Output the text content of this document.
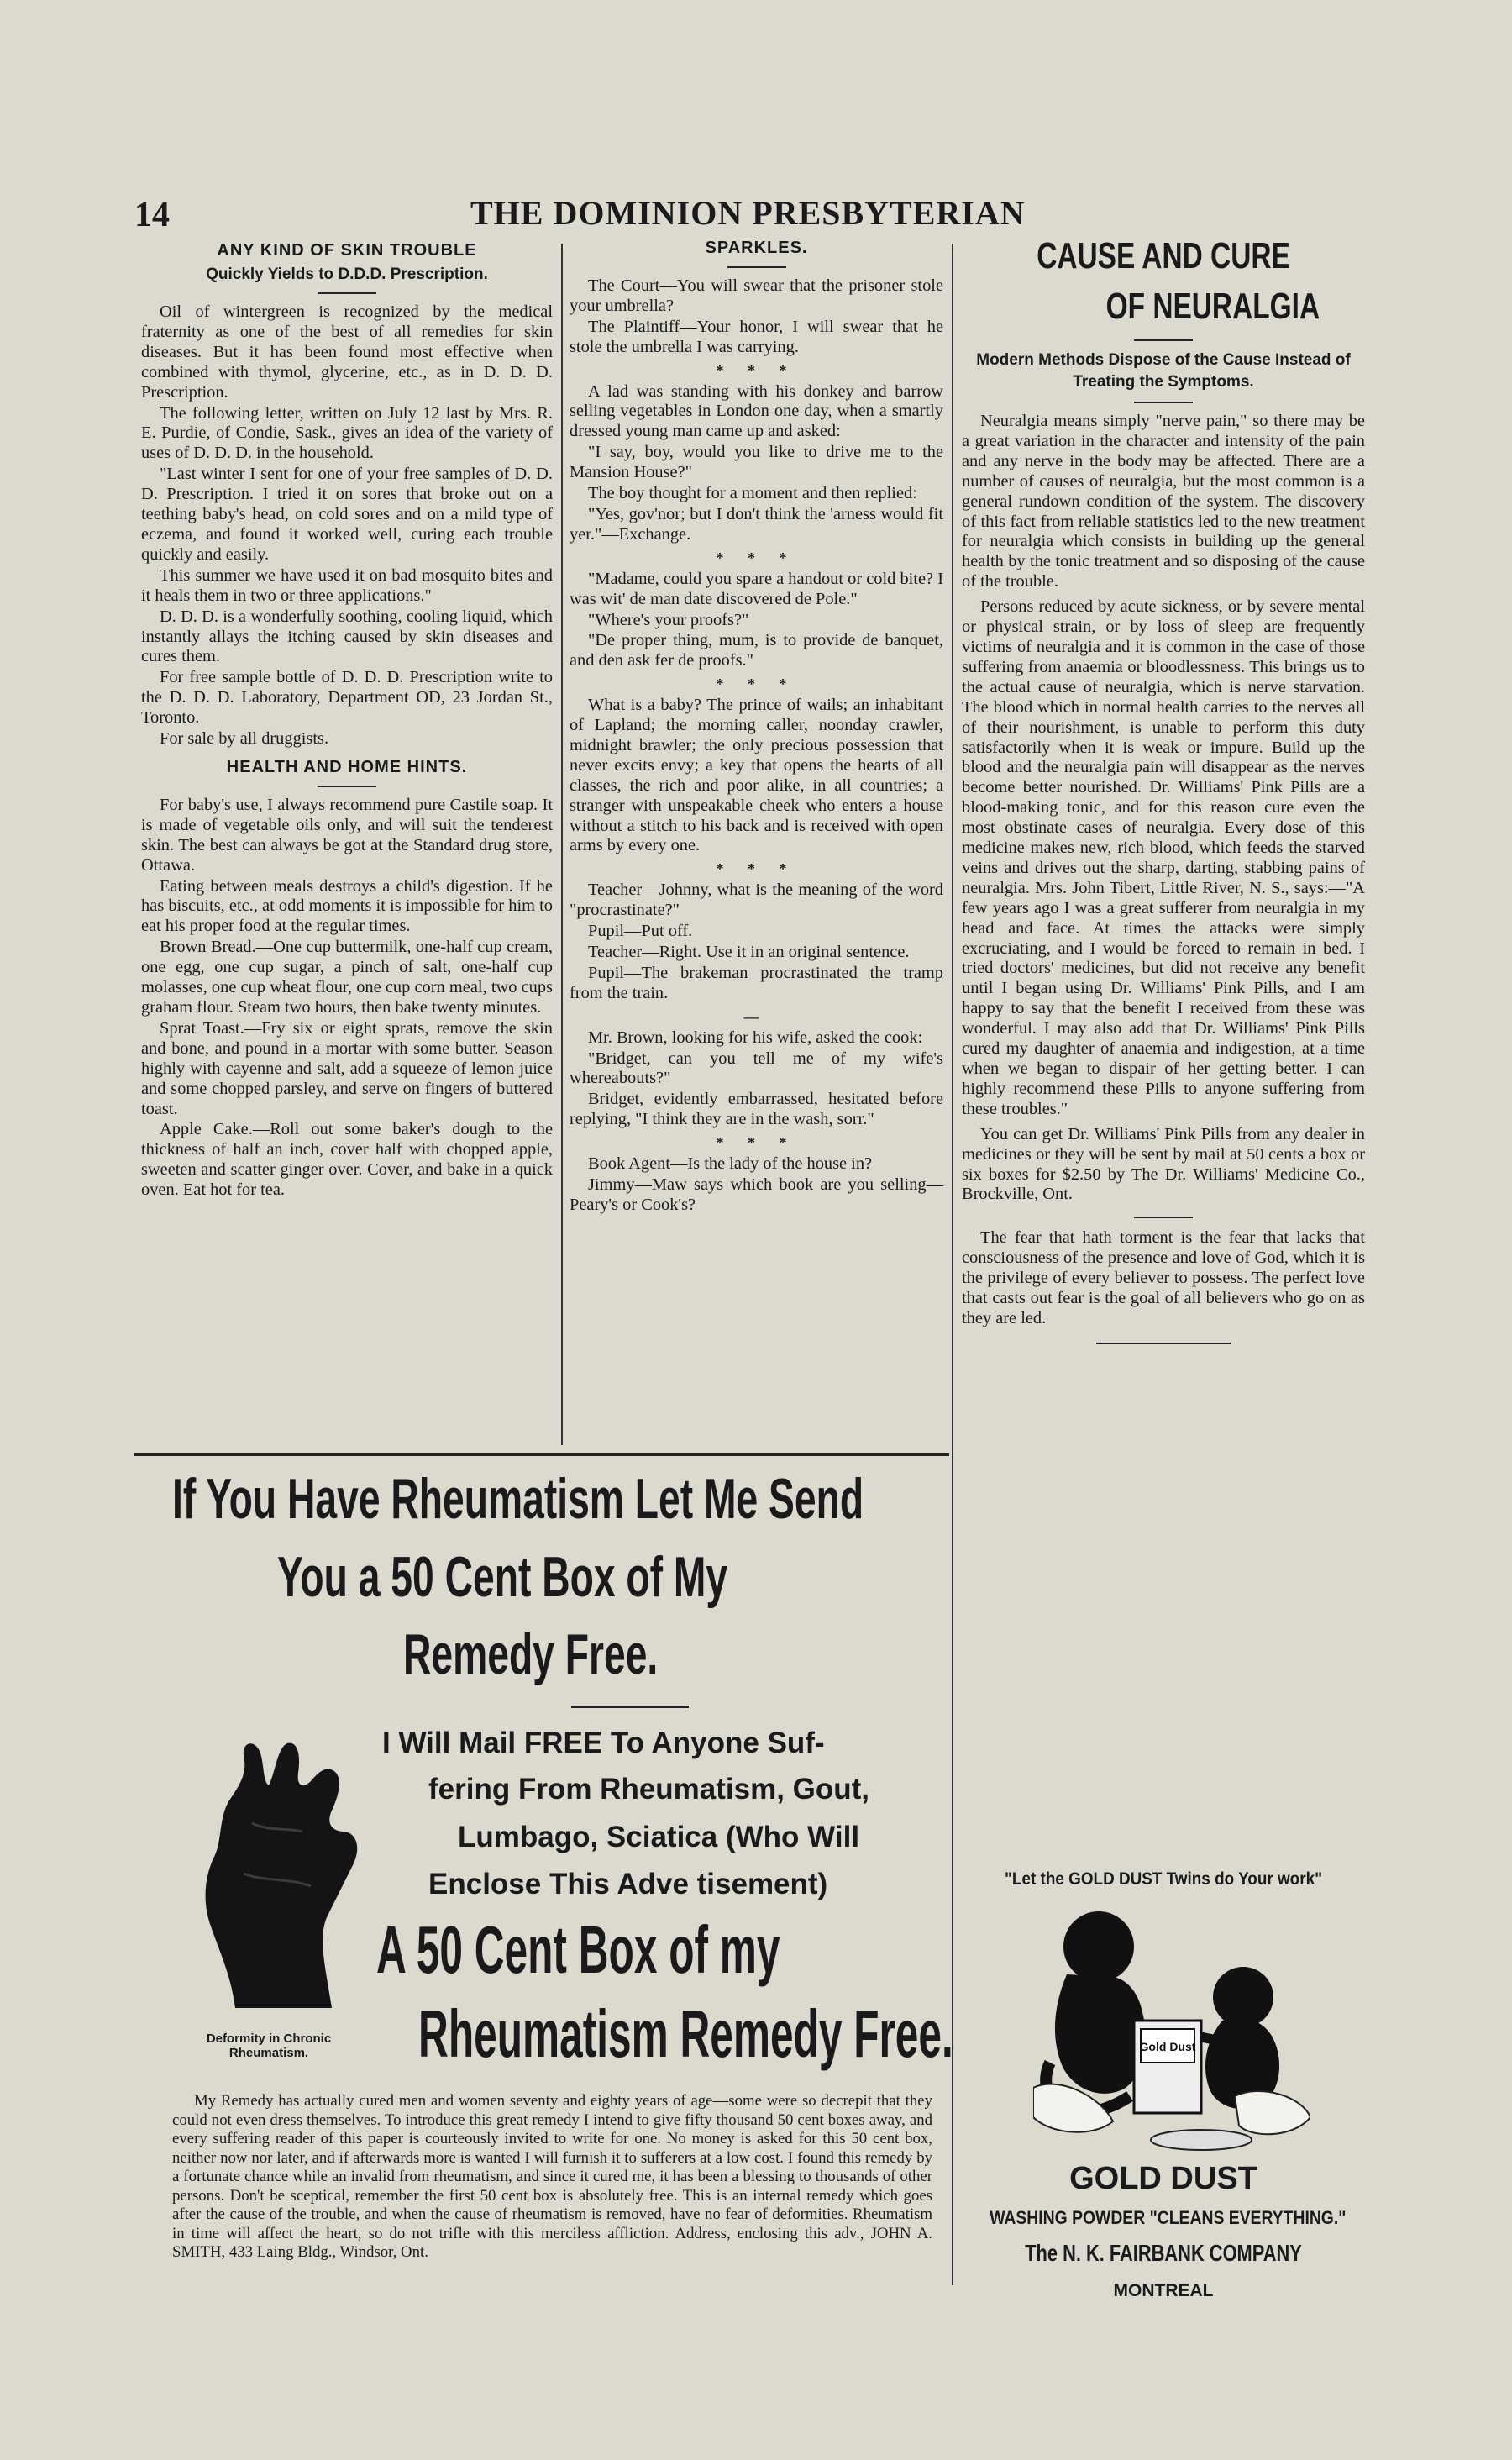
14	THE DOMINION PRESBYTERIAN

ANY KIND OF SKIN TROUBLE

Quickly Yields to D.D.D. Prescription.

Oil of wintergreen is recognized by the medical fraternity as one of the best of all remedies for skin diseases. But it has been found most effective when combined with thymol, glycerine, etc., as in D. D. D. Prescription.

The following letter, written on July 12 last by Mrs. R. E. Purdie, of Condie, Sask., gives an idea of the variety of uses of D. D. D. in the household.

"Last winter I sent for one of your free samples of D. D. D. Prescription. I tried it on sores that broke out on a teething baby's head, on cold sores and on a mild type of eczema, and found it worked well, curing each trouble quickly and easily.

This summer we have used it on bad mosquito bites and it heals them in two or three applications."

D. D. D. is a wonderfully soothing, cooling liquid, which instantly allays the itching caused by skin diseases and cures them.

For free sample bottle of D. D. D. Prescription write to the D. D. D. Laboratory, Department OD, 23 Jordan St., Toronto.

For sale by all druggists.

HEALTH AND HOME HINTS.

For baby's use, I always recommend pure Castile soap. It is made of vegetable oils only, and will suit the tenderest skin. The best can always be got at the Standard drug store, Ottawa.

Eating between meals destroys a child's digestion. If he has biscuits, etc., at odd moments it is impossible for him to eat his proper food at the regular times.

Brown Bread.—One cup buttermilk, one-half cup cream, one egg, one cup sugar, a pinch of salt, one-half cup molasses, one cup wheat flour, one cup corn meal, two cups graham flour. Steam two hours, then bake twenty minutes.

Sprat Toast.—Fry six or eight sprats, remove the skin and bone, and pound in a mortar with some butter. Season highly with cayenne and salt, add a squeeze of lemon juice and some chopped parsley, and serve on fingers of buttered toast.

Apple Cake.—Roll out some baker's dough to the thickness of half an inch, cover half with chopped apple, sweeten and scatter ginger over. Cover, and bake in a quick oven. Eat hot for tea.

SPARKLES.

The Court—You will swear that the prisoner stole your umbrella?

The Plaintiff—Your honor, I will swear that he stole the umbrella I was carrying.

* * *

A lad was standing with his donkey and barrow selling vegetables in London one day, when a smartly dressed young man came up and asked:

"I say, boy, would you like to drive me to the Mansion House?"

The boy thought for a moment and then replied:

"Yes, gov'nor; but I don't think the 'arness would fit yer."—Exchange.

* * *

"Madame, could you spare a handout or cold bite? I was wit' de man date discovered de Pole."

"Where's your proofs?"

"De proper thing, mum, is to provide de banquet, and den ask fer de proofs."

* * *

What is a baby? The prince of wails; an inhabitant of Lapland; the morning caller, noonday crawler, midnight brawler; the only precious possession that never excits envy; a key that opens the hearts of all classes, the rich and poor alike, in all countries; a stranger with unspeakable cheek who enters a house without a stitch to his back and is received with open arms by every one.

* * *

Teacher—Johnny, what is the meaning of the word "procrastinate?"

Pupil—Put off.

Teacher—Right. Use it in an original sentence.

Pupil—The brakeman procrastinated the tramp from the train.

—

Mr. Brown, looking for his wife, asked the cook:

"Bridget, can you tell me of my wife's whereabouts?"

Bridget, evidently embarrassed, hesitated before replying, "I think they are in the wash, sorr."

* * *

Book Agent—Is the lady of the house in?

Jimmy—Maw says which book are you selling—Peary's or Cook's?

CAUSE AND CURE
OF NEURALGIA

Modern Methods Dispose of the Cause Instead of Treating the Symptoms.

Neuralgia means simply "nerve pain," so there may be a great variation in the character and intensity of the pain and any nerve in the body may be affected. There are a number of causes of neuralgia, but the most common is a general rundown condition of the system. The discovery of this fact from reliable statistics led to the new treatment for neuralgia which consists in building up the general health by the tonic treatment and so disposing of the cause of the trouble.

Persons reduced by acute sickness, or by severe mental or physical strain, or by loss of sleep are frequently victims of neuralgia and it is common in the case of those suffering from anaemia or bloodlessness. This brings us to the actual cause of neuralgia, which is nerve starvation. The blood which in normal health carries to the nerves all of their nourishment, is unable to perform this duty satisfactorily when it is weak or impure. Build up the blood and the neuralgia pain will disappear as the nerves become better nourished. Dr. Williams' Pink Pills are a blood-making tonic, and for this reason cure even the most obstinate cases of neuralgia. Every dose of this medicine makes new, rich blood, which feeds the starved veins and drives out the sharp, darting, stabbing pains of neuralgia. Mrs. John Tibert, Little River, N. S., says:—"A few years ago I was a great sufferer from neuralgia in my head and face. At times the attacks were simply excruciating, and I would be forced to remain in bed. I tried doctors' medicines, but did not receive any benefit until I began using Dr. Williams' Pink Pills, and I am happy to say that the benefit I received from these was wonderful. I may also add that Dr. Williams' Pink Pills cured my daughter of anaemia and indigestion, at a time when we began to dispair of her getting better. I can highly recommend these Pills to anyone suffering from these troubles."

You can get Dr. Williams' Pink Pills from any dealer in medicines or they will be sent by mail at 50 cents a box or six boxes for $2.50 by The Dr. Williams' Medicine Co., Brockville, Ont.

The fear that hath torment is the fear that lacks that consciousness of the presence and love of God, which it is the privilege of every believer to possess. The perfect love that casts out fear is the goal of all believers who go on as they are led.

If You Have Rheumatism Let Me Send
You a 50 Cent Box of My
Remedy Free.
Deformity in Chronic
Rheumatism.
I Will Mail FREE To Anyone Suf-
fering From Rheumatism, Gout,
Lumbago, Sciatica (Who Will
Enclose This Adve tisement)
A 50 Cent Box of my
Rheumatism Remedy Free.

My Remedy has actually cured men and women seventy and eighty years of age—some were so decrepit that they could not even dress themselves. To introduce this great remedy I intend to give fifty thousand 50 cent boxes away, and every suffering reader of this paper is courteously invited to write for one. No money is asked for this 50 cent box, neither now nor later, and if afterwards more is wanted I will furnish it to sufferers at a low cost. I found this remedy by a fortunate chance while an invalid from rheumatism, and since it cured me, it has been a blessing to thousands of other persons. Don't be sceptical, remember the first 50 cent box is absolutely free. This is an internal remedy which goes after the cause of the trouble, and when the cause of rheumatism is removed, have no fear of deformities. Rheumatism in time will affect the heart, so do not trifle with this merciless affliction. Address, enclosing this adv., JOHN A. SMITH, 433 Laing Bldg., Windsor, Ont.

"Let the GOLD DUST Twins do Your work"
Gold Dust
GOLD DUST
WASHING POWDER "CLEANS EVERYTHING."
The N. K. FAIRBANK COMPANY
MONTREAL
